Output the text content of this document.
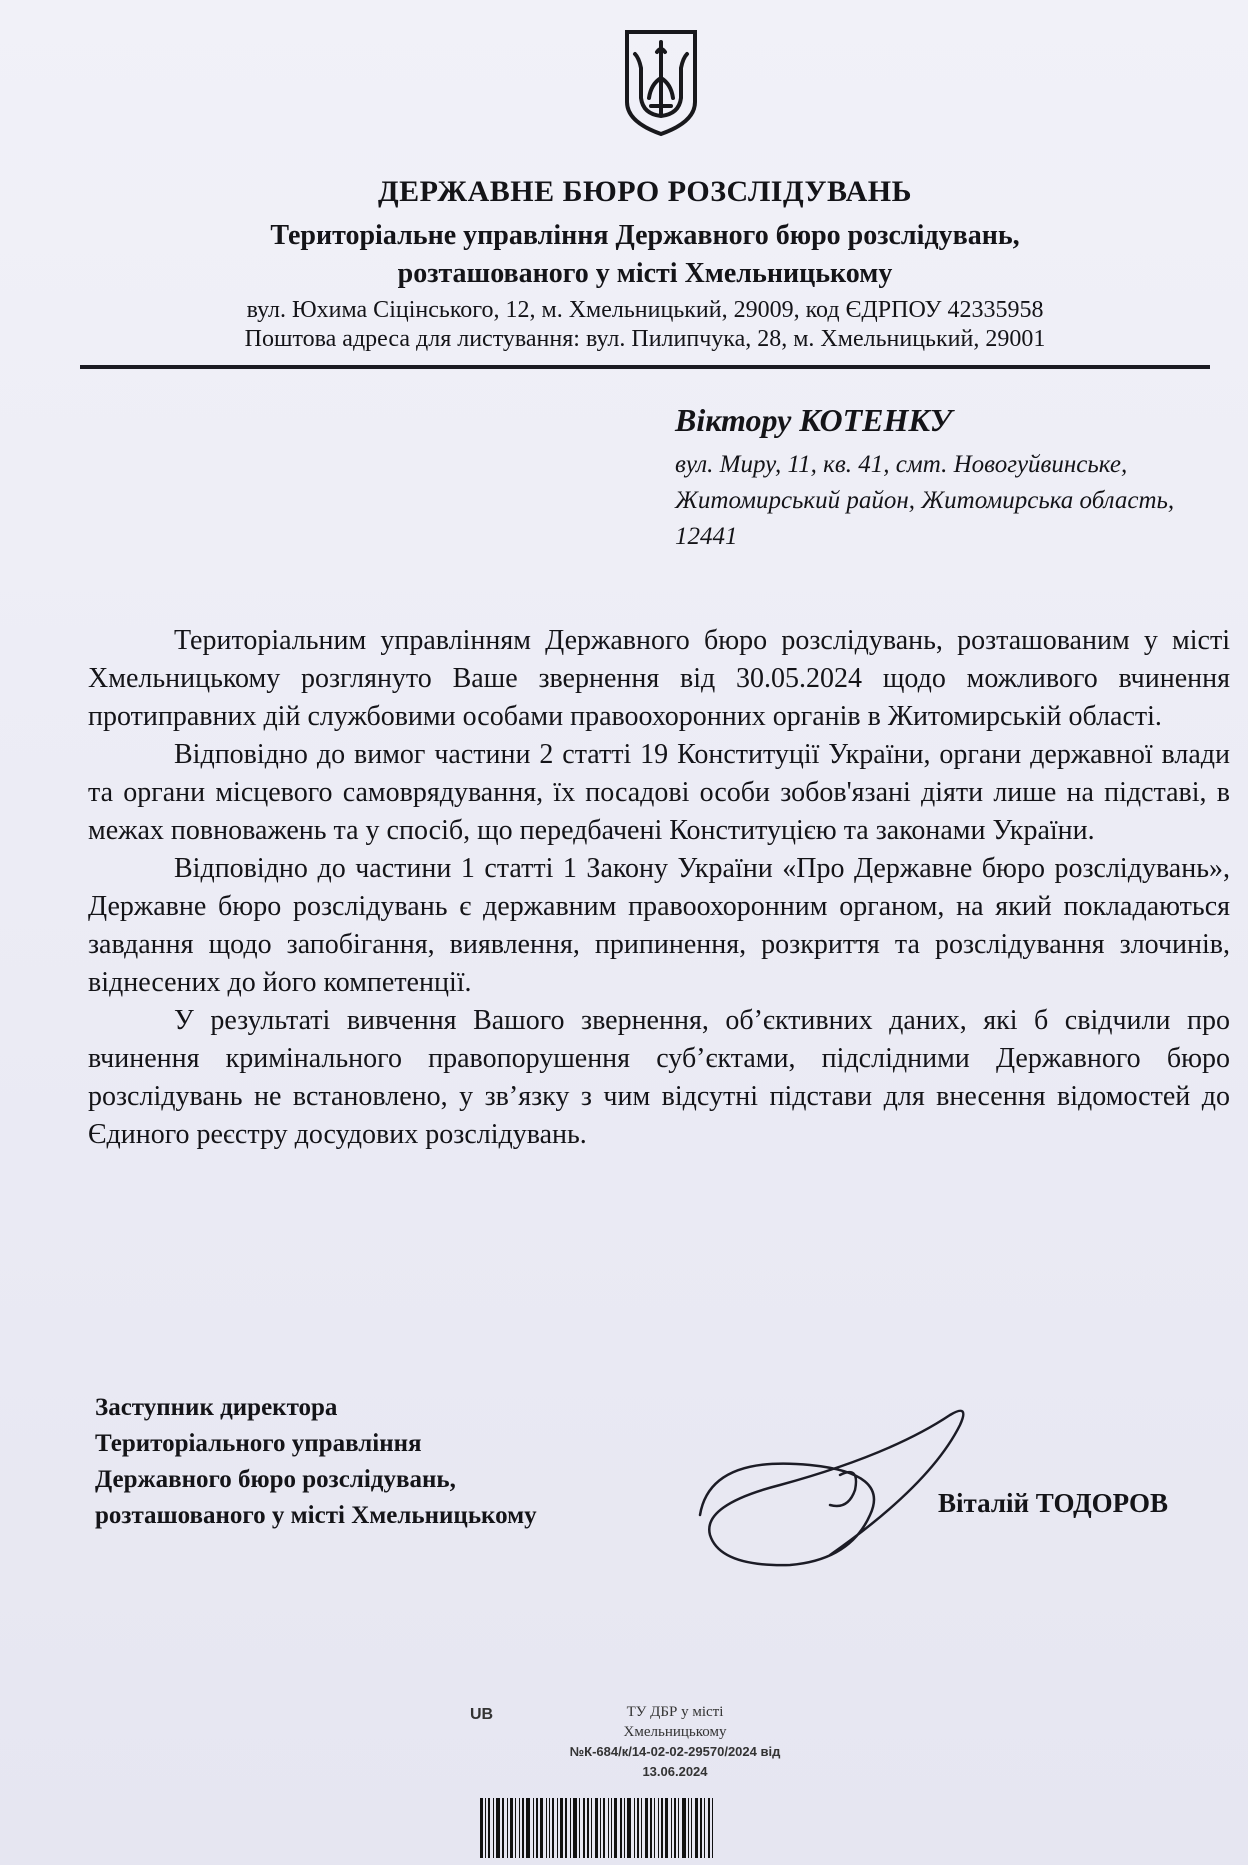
ДЕРЖАВНЕ БЮРО РОЗСЛІДУВАНЬ
Територіальне управління Державного бюро розслідувань,
розташованого у місті Хмельницькому
вул. Юхима Сіцінського, 12, м. Хмельницький, 29009, код ЄДРПОУ 42335958
Поштова адреса для листування: вул. Пилипчука, 28, м. Хмельницький, 29001
Віктору КОТЕНКУ
вул. Миру, 11, кв. 41, смт. Новогуйвинське,
Житомирський район, Житомирська область,
12441

Територіальним управлінням Державного бюро розслідувань, розташованим у місті Хмельницькому розглянуто Ваше звернення від 30.05.2024 щодо можливого вчинення протиправних дій службовими особами правоохоронних органів в Житомирській області.

Відповідно до вимог частини 2 статті 19 Конституції України, органи державної влади та органи місцевого самоврядування, їх посадові особи зобов'язані діяти лише на підставі, в межах повноважень та у спосіб, що передбачені Конституцією та законами України.

Відповідно до частини 1 статті 1 Закону України «Про Державне бюро розслідувань», Державне бюро розслідувань є державним правоохоронним органом, на який покладаються завдання щодо запобігання, виявлення, припинення, розкриття та розслідування злочинів, віднесених до його компетенції.

У результаті вивчення Вашого звернення, об’єктивних даних, які б свідчили про вчинення кримінального правопорушення суб’єктами, підслідними Державного бюро розслідувань не встановлено, у зв’язку з чим відсутні підстави для внесення відомостей до Єдиного реєстру досудових розслідувань.

Заступник директора
Територіального управління
Державного бюро розслідувань,
розташованого у місті Хмельницькому	Віталій ТОДОРОВ
UB	ТУ ДБР у місті
Хмельницькому
№К-684/к/14-02-02-29570/2024 від
13.06.2024
